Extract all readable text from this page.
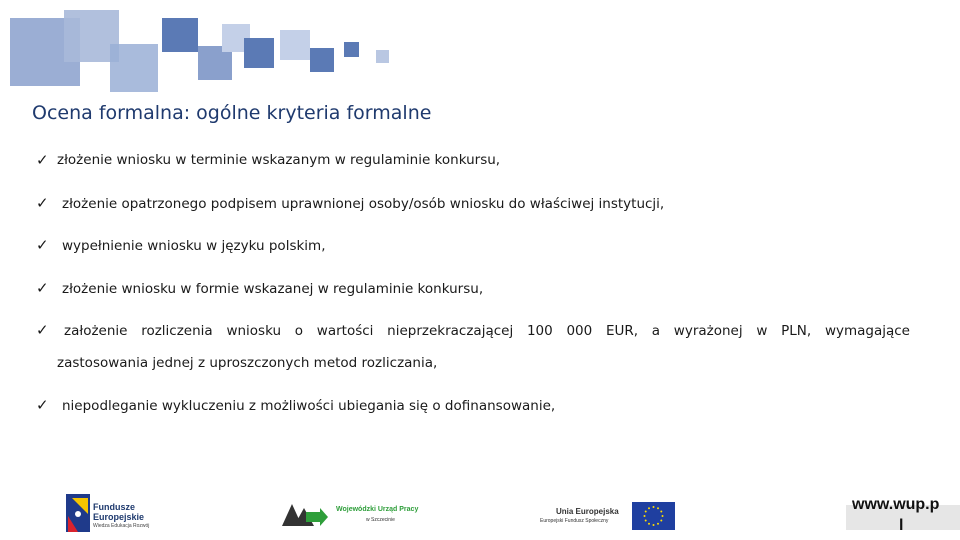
Ocena formalna: ogólne kryteria formalne
✓ złożenie wniosku w terminie wskazanym w regulaminie konkursu,
✓ złożenie opatrzonego podpisem uprawnionej osoby/osób wniosku do właściwej instytucji,
✓ wypełnienie wniosku w języku polskim,
✓ złożenie wniosku w formie wskazanej w regulaminie konkursu,
✓ założenie rozliczenia wniosku o wartości nieprzekraczającej 100 000 EUR, a wyrażonej w PLN, wymagające
zastosowania jednej z uproszczonych metod rozliczania,
✓ niepodleganie wykluczeniu z możliwości ubiegania się o dofinansowanie,
Fundusze
Europejskie
Wiedza Edukacja Rozwój
Wojewódzki Urząd Pracy
w Szczecinie
Unia Europejska
Europejski Fundusz Społeczny
www.wup.p
l
